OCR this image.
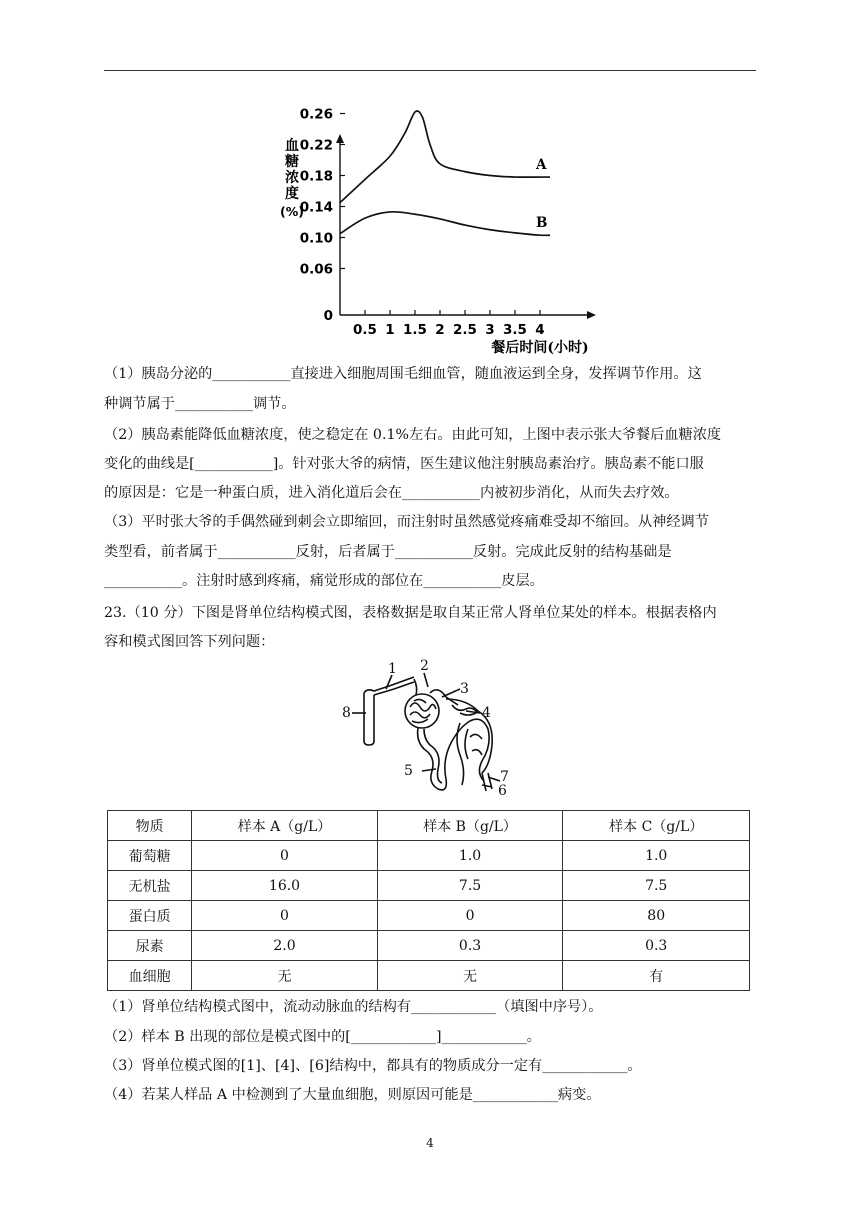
0.26
0.22
0.18
0.14
0.10
0.06
0
0.5 1 1.5 2 2.5 3 3.5 4
血
糖
浓
度
(%)
餐后时间(小时)
A
B
（1）胰岛分泌的___________直接进入细胞周围毛细血管，随血液运到全身，发挥调节作用。这
种调节属于___________调节。
（2）胰岛素能降低血糖浓度，使之稳定在 0.1%左右。由此可知，上图中表示张大爷餐后血糖浓度
变化的曲线是[___________]。针对张大爷的病情，医生建议他注射胰岛素治疗。胰岛素不能口服
的原因是：它是一种蛋白质，进入消化道后会在___________内被初步消化，从而失去疗效。
（3）平时张大爷的手偶然碰到刺会立即缩回，而注射时虽然感觉疼痛难受却不缩回。从神经调节
类型看，前者属于___________反射，后者属于___________反射。完成此反射的结构基础是
___________。注射时感到疼痛，痛觉形成的部位在___________皮层。
23.（10 分）下图是肾单位结构模式图，表格数据是取自某正常人肾单位某处的样本。根据表格内
容和模式图回答下列问题：
1 2
3
4
5
6
7
8
物质	样本 A（g/L）	样本 B（g/L）	样本 C（g/L）
葡萄糖	0	1.0	1.0
无机盐	16.0	7.5	7.5
蛋白质	0	0	80
尿素	2.0	0.3	0.3
血细胞	无	无	有
（1）肾单位结构模式图中，流动动脉血的结构有____________（填图中序号）。
（2）样本 B 出现的部位是模式图中的[____________]____________。
（3）肾单位模式图的[1]、[4]、[6]结构中，都具有的物质成分一定有____________。
（4）若某人样品 A 中检测到了大量血细胞，则原因可能是____________病变。
4
